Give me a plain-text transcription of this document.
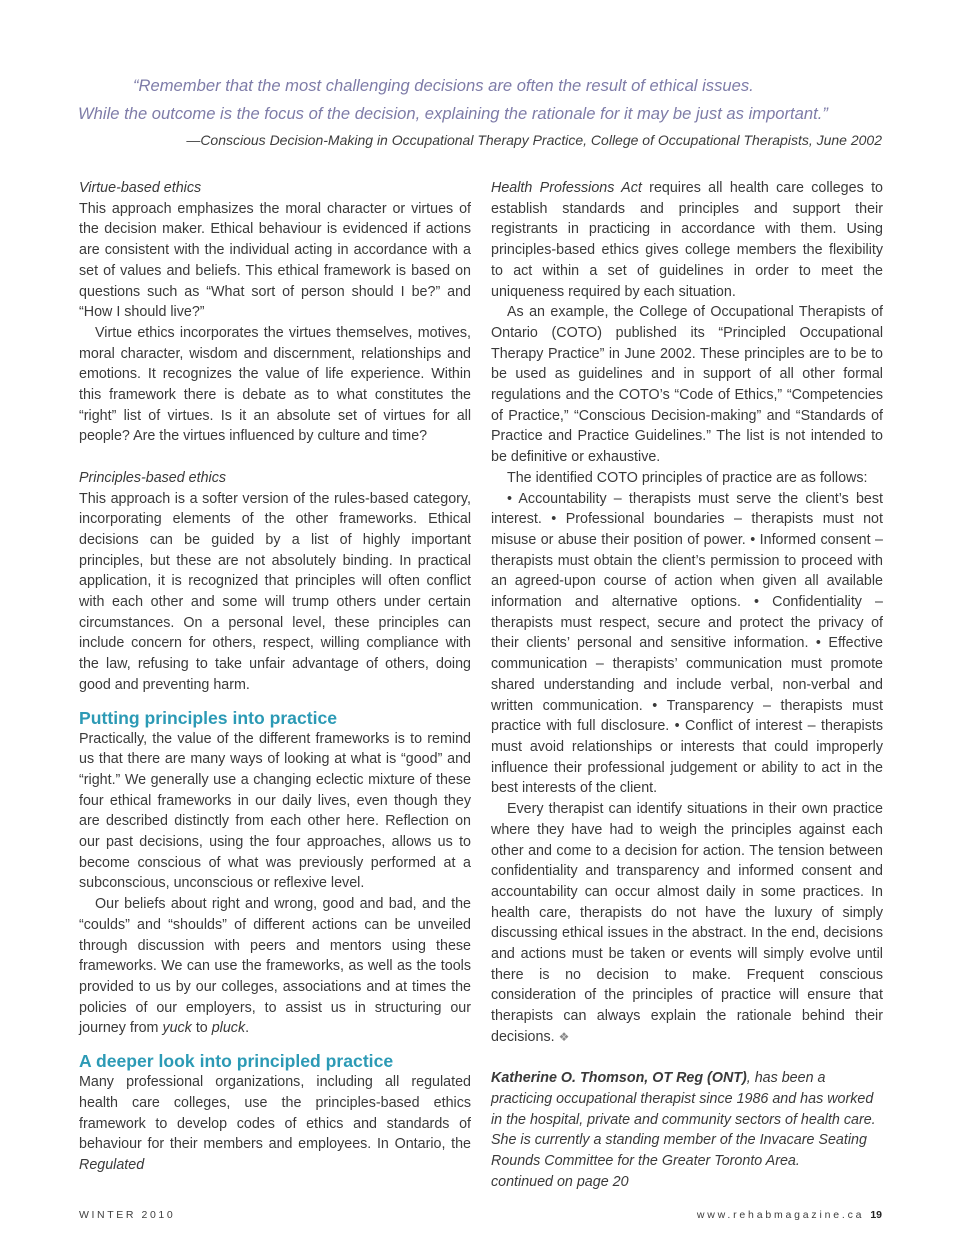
“Remember that the most challenging decisions are often the result of ethical issues.
While the outcome is the focus of the decision, explaining the rationale for it may be just as important.”
—Conscious Decision-Making in Occupational Therapy Practice, College of Occupational Therapists, June 2002

Virtue-based ethics

This approach emphasizes the moral character or virtues of the decision maker. Ethical behaviour is evidenced if actions are consistent with the individual acting in accordance with a set of values and beliefs. This ethical framework is based on questions such as “What sort of person should I be?” and “How I should live?”

Virtue ethics incorporates the virtues themselves, motives, moral character, wisdom and discernment, relationships and emotions. It recognizes the value of life experience. Within this framework there is debate as to what constitutes the “right” list of virtues. Is it an absolute set of virtues for all people? Are the virtues influenced by culture and time?

Principles-based ethics

This approach is a softer version of the rules-based category, incorporating elements of the other frameworks. Ethical decisions can be guided by a list of highly important principles, but these are not absolutely binding. In practical application, it is recognized that principles will often conflict with each other and some will trump others under certain circumstances. On a personal level, these principles can include concern for others, respect, willing compliance with the law, refusing to take unfair advantage of others, doing good and preventing harm.

Putting principles into practice

Practically, the value of the different frameworks is to remind us that there are many ways of looking at what is “good” and “right.” We generally use a changing eclectic mixture of these four ethical frameworks in our daily lives, even though they are described distinctly from each other here. Reflection on our past decisions, using the four approaches, allows us to become conscious of what was previously performed at a subconscious, unconscious or reflexive level.

Our beliefs about right and wrong, good and bad, and the “coulds” and “shoulds” of different actions can be unveiled through discussion with peers and mentors using these frameworks. We can use the frameworks, as well as the tools provided to us by our colleges, associations and at times the policies of our employers, to assist us in structuring our journey from yuck to pluck.

A deeper look into principled practice

Many professional organizations, including all regulated health care colleges, use the principles-based ethics framework to develop codes of ethics and standards of behaviour for their members and employees. In Ontario, the Regulated

Health Professions Act requires all health care colleges to establish standards and principles and support their registrants in practicing in accordance with them. Using principles-based ethics gives college members the flexibility to act within a set of guidelines in order to meet the uniqueness required by each situation.

As an example, the College of Occupational Therapists of Ontario (COTO) published its “Principled Occupational Therapy Practice” in June 2002. These principles are to be to be used as guidelines and in support of all other formal regulations and the COTO’s “Code of Ethics,” “Competencies of Practice,” “Conscious Decision-making” and “Standards of Practice and Practice Guidelines.” The list is not intended to be definitive or exhaustive.

The identified COTO principles of practice are as follows:

• Accountability – therapists must serve the client’s best interest. • Professional boundaries – therapists must not misuse or abuse their position of power. • Informed consent – therapists must obtain the client’s permission to proceed with an agreed-upon course of action when given all available information and alternative options. • Confidentiality – therapists must respect, secure and protect the privacy of their clients’ personal and sensitive information. • Effective communication – therapists’ communication must promote shared understanding and include verbal, non-verbal and written communication. • Transparency – therapists must practice with full disclosure. • Conflict of interest – therapists must avoid relationships or interests that could improperly influence their professional judgement or ability to act in the best interests of the client.

Every therapist can identify situations in their own practice where they have had to weigh the principles against each other and come to a decision for action. The tension between confidentiality and transparency and informed consent and accountability can occur almost daily in some practices. In health care, therapists do not have the luxury of simply discussing ethical issues in the abstract. In the end, decisions and actions must be taken or events will simply evolve until there is no decision to make. Frequent conscious consideration of the principles of practice will ensure that therapists can always explain the rationale behind their decisions. ❖

Katherine O. Thomson, OT Reg (ONT), has been a practicing occupational therapist since 1986 and has worked in the hospital, private and community sectors of health care. She is currently a standing member of the Invacare Seating Rounds Committee for the Greater Toronto Area.

continued on page 20

WINTER 2010	www.rehabmagazine.ca 19
